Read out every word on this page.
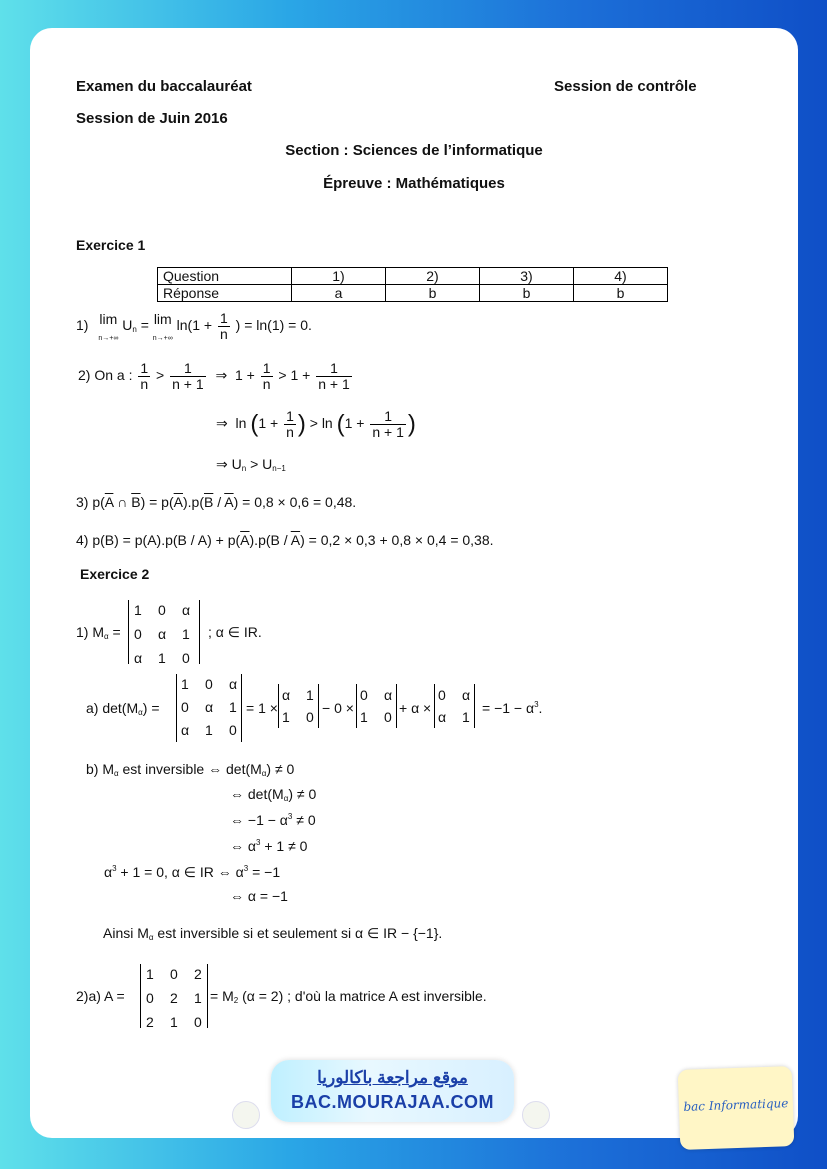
Examen du baccalauréat	Session de contrôle
Session de Juin 2016
Section : Sciences de l’informatique
Épreuve : Mathématiques
Exercice 1
Question	1)	2)	3)	4)
Réponse	a	b	b	b
1) lim
n→+∞ $U_n = \lim$
n→+∞ $\ln(1 + \frac{1}{n}$ ) = ln(1) = 0.
2) On a : $\frac{1}{n} > \frac{1}{n + 1}$ ⇒ $1 + \frac{1}{n} > 1 + \frac{1}{n + 1}$
⇒ $\ln (1 + \frac{1}{n}$ ) > $\ln (1 + \frac{1}{n + 1}$ )
⇒ $U_n > U_{n-1}$
3) $p(\overline{A}$ ∩ $\overline{B}) = p(\overline{A}).p(\overline{B} / \overline{A}) = 0,8 \times 0,6 = 0,48$.
4) $p(B) = p(A).p(B / A) + p(\overline{A}).p(B / \overline{A}) = 0,2 \times 0,3 + 0,8 \times 0,4 = 0,38$.
Exercice 2
1) $M_\alpha$ =
1 0 α
0 α 1
α 1 0
; α ∈ IR.
a) $\det(M_\alpha)$ =
1 0 α
0 α 1
α 1 0
= 1 ×
α 1
1 0
− 0 ×
0 α
1 0
+ α ×
0 α
α 1
= $-1 - \alpha^3$.
b) $M_\alpha$ est inversible ⇔ $\det(M_\alpha) \ne 0$
⇔ $\det(M_\alpha) \ne 0$
⇔ $-1 - \alpha^3 \ne 0$
⇔ $\alpha^3 + 1 \ne 0$
$\alpha^3 + 1 = 0$, α ∈ IR ⇔ $\alpha^3 = -1$
⇔ α = −1
Ainsi $M_\alpha$ est inversible si et seulement si α ∈ IR − {−1}.
2)a) A =
1 0 2
0 2 1
2 1 0
= $M_2$ (α = 2) ; d'où la matrice A est inversible.
موقع مراجعة باكالوريا
BAC.MOURAJAA.COM	bac Informatique
